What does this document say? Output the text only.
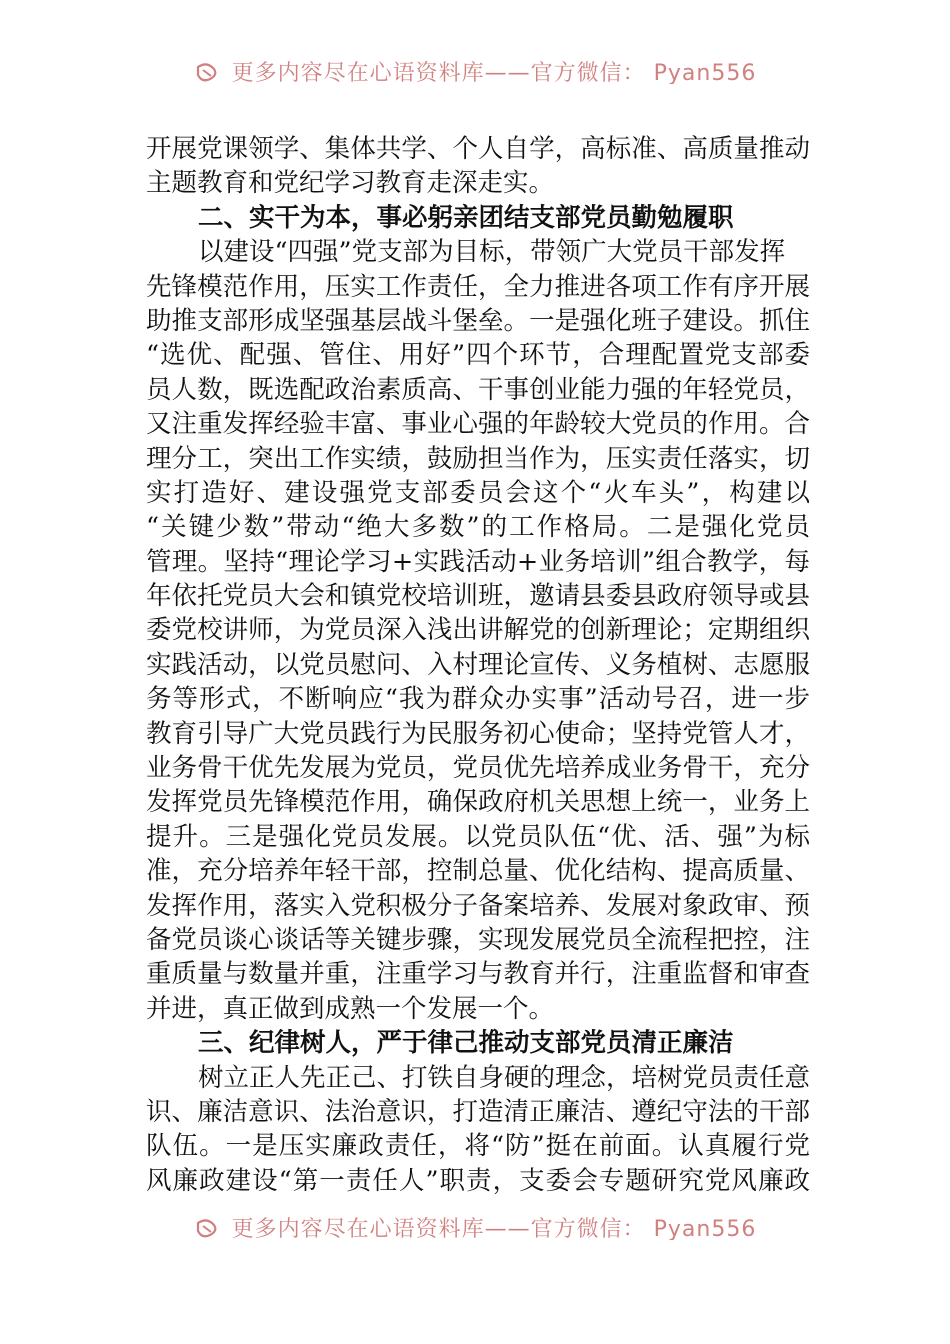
更多内容尽在心语资料库——官方微信： Pyan556
开展党课领学、集体共学、个人自学，高标准、高质量推动
主题教育和党纪学习教育走深走实。
二、实干为本，事必躬亲团结支部党员勤勉履职
以建设“四强”党支部为目标，带领广大党员干部发挥
先锋模范作用，压实工作责任，全力推进各项工作有序开展
助推支部形成坚强基层战斗堡垒。一是强化班子建设。抓住
“选优、配强、管住、用好”四个环节，合理配置党支部委
员人数，既选配政治素质高、干事创业能力强的年轻党员，
又注重发挥经验丰富、事业心强的年龄较大党员的作用。合
理分工，突出工作实绩，鼓励担当作为，压实责任落实，切
实打造好、建设强党支部委员会这个“火车头”，构建以
“关键少数”带动“绝大多数”的工作格局。二是强化党员
管理。坚持“理论学习+实践活动+业务培训”组合教学，每
年依托党员大会和镇党校培训班，邀请县委县政府领导或县
委党校讲师，为党员深入浅出讲解党的创新理论；定期组织
实践活动，以党员慰问、入村理论宣传、义务植树、志愿服
务等形式，不断响应“我为群众办实事”活动号召，进一步
教育引导广大党员践行为民服务初心使命；坚持党管人才，
业务骨干优先发展为党员，党员优先培养成业务骨干，充分
发挥党员先锋模范作用，确保政府机关思想上统一，业务上
提升。三是强化党员发展。以党员队伍“优、活、强”为标
准，充分培养年轻干部，控制总量、优化结构、提高质量、
发挥作用，落实入党积极分子备案培养、发展对象政审、预
备党员谈心谈话等关键步骤，实现发展党员全流程把控，注
重质量与数量并重，注重学习与教育并行，注重监督和审查
并进，真正做到成熟一个发展一个。
三、纪律树人，严于律己推动支部党员清正廉洁
树立正人先正己、打铁自身硬的理念，培树党员责任意
识、廉洁意识、法治意识，打造清正廉洁、遵纪守法的干部
队伍。一是压实廉政责任，将“防”挺在前面。认真履行党
风廉政建设“第一责任人”职责，支委会专题研究党风廉政
更多内容尽在心语资料库——官方微信： Pyan556
